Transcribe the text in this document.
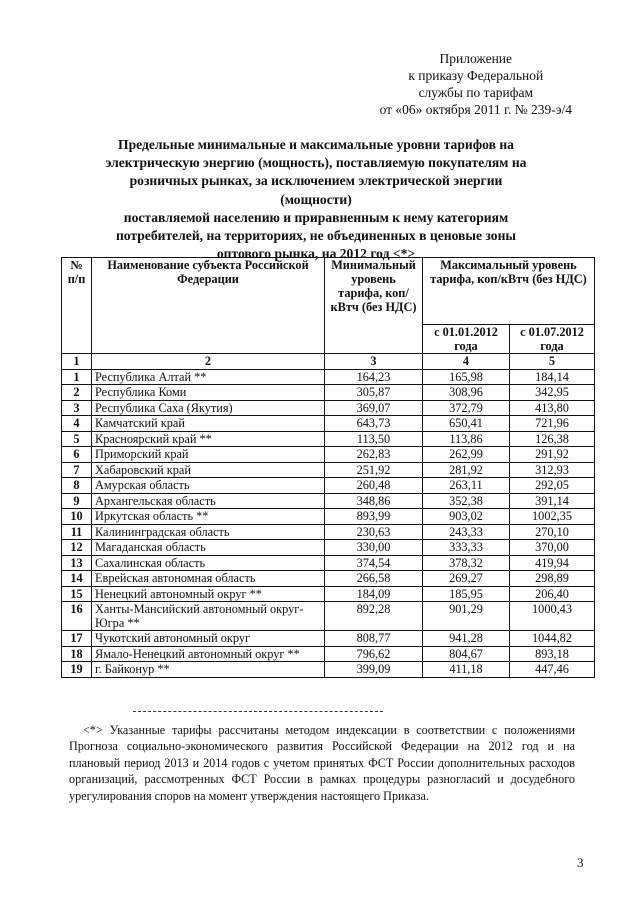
Приложение
к приказу Федеральной
службы по тарифам
от «06» октября 2011 г. № 239-э/4
Предельные минимальные и максимальные уровни тарифов на
электрическую энергию (мощность), поставляемую покупателям на
розничных рынках, за исключением электрической энергии (мощности)
поставляемой населению и приравненным к нему категориям
потребителей, на территориях, не объединенных в ценовые зоны
оптового рынка, на 2012 год <*>
№ п/п	Наименование субъекта Российской Федерации	Минимальный уровень тарифа, коп/кВтч (без НДС)	Максимальный уровень тарифа, коп/кВтч (без НДС)	
			с 01.01.2012 года	с 01.07.2012 года
1	2	3	4	5
1	Республика Алтай **	164,23	165,98	184,14
2	Республика Коми	305,87	308,96	342,95
3	Республика Саха (Якутия)	369,07	372,79	413,80
4	Камчатский край	643,73	650,41	721,96
5	Красноярский край **	113,50	113,86	126,38
6	Приморский край	262,83	262,99	291,92
7	Хабаровский край	251,92	281,92	312,93
8	Амурская область	260,48	263,11	292,05
9	Архангельская область	348,86	352,38	391,14
10	Иркутская область **	893,99	903,02	1002,35
11	Калининградская область	230,63	243,33	270,10
12	Магаданская область	330,00	333,33	370,00
13	Сахалинская область	374,54	378,32	419,94
14	Еврейская автономная область	266,58	269,27	298,89
15	Ненецкий автономный округ **	184,09	185,95	206,40
16	Ханты-Мансийский автономный округ-Югра **	892,28	901,29	1000,43
17	Чукотский автономный округ	808,77	941,28	1044,82
18	Ямало-Ненецкий автономный округ **	796,62	804,67	893,18
19	г. Байконур **	399,09	411,18	447,46
<*> Указанные тарифы рассчитаны методом индексации в соответствии с положениями Прогноза социально-экономического развития Российской Федерации на 2012 год и на плановый период 2013 и 2014 годов с учетом принятых ФСТ России дополнительных расходов организаций, рассмотренных ФСТ России в рамках процедуры разногласий и досудебного урегулирования споров на момент утверждения настоящего Приказа.
3
